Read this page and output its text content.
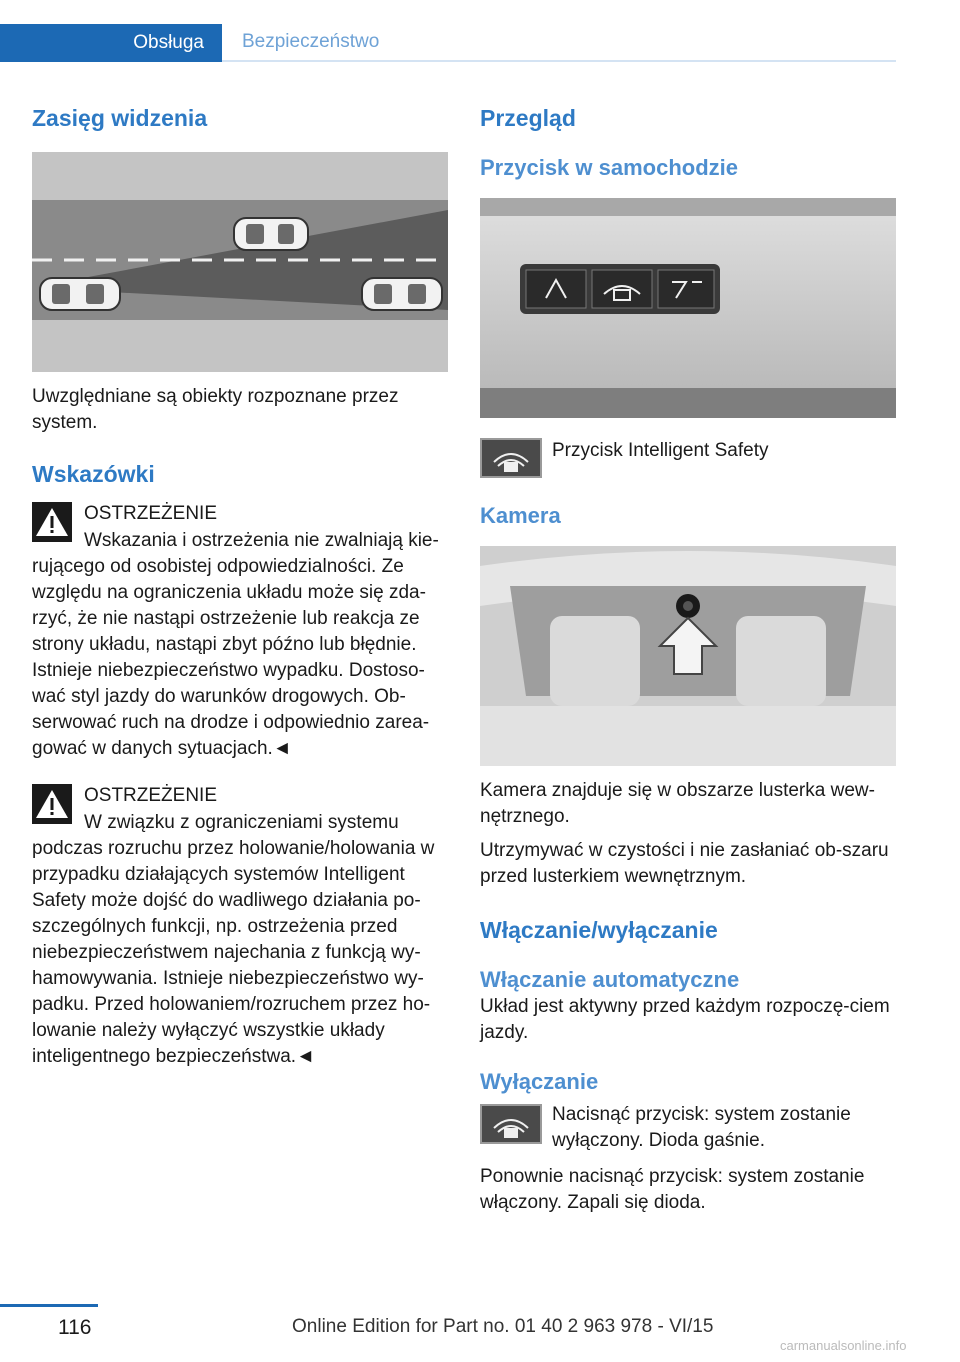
Obsługa	Bezpieczeństwo
Zasięg widzenia

Uwzględniane są obiekty rozpoznane przez system.

Wskazówki
OSTRZEŻENIE
Wskazania i ostrzeżenia nie zwalniają kie-
rującego od osobistej odpowiedzialności. Ze względu na ograniczenia układu może się zda-rzyć, że nie nastąpi ostrzeżenie lub reakcja ze strony układu, nastąpi zbyt późno lub błędnie. Istnieje niebezpieczeństwo wypadku. Dostoso-wać styl jazdy do warunków drogowych. Ob-serwować ruch na drodze i odpowiednio zarea-gować w danych sytuacjach.◄
OSTRZEŻENIE
W związku z ograniczeniami systemu
podczas rozruchu przez holowanie/holowania w przypadku działających systemów Intelligent Safety może dojść do wadliwego działania po-szczególnych funkcji, np. ostrzeżenia przed niebezpieczeństwem najechania z funkcją wy-hamowywania. Istnieje niebezpieczeństwo wy-padku. Przed holowaniem/rozruchem przez ho-lowanie należy wyłączyć wszystkie układy inteligentnego bezpieczeństwa.◄
Przegląd
Przycisk w samochodzie

Przycisk Intelligent Safety

Kamera

Kamera znajduje się w obszarze lusterka wew-nętrznego.

Utrzymywać w czystości i nie zasłaniać ob-szaru przed lusterkiem wewnętrznym.

Włączanie/wyłączanie
Włączanie automatyczne

Układ jest aktywny przed każdym rozpoczę-ciem jazdy.

Wyłączanie

Nacisnąć przycisk: system zostanie wyłączony. Dioda gaśnie.

Ponownie nacisnąć przycisk: system zostanie włączony. Zapali się dioda.

116	Online Edition for Part no. 01 40 2 963 978 - VI/15
carmanualsonline.info
